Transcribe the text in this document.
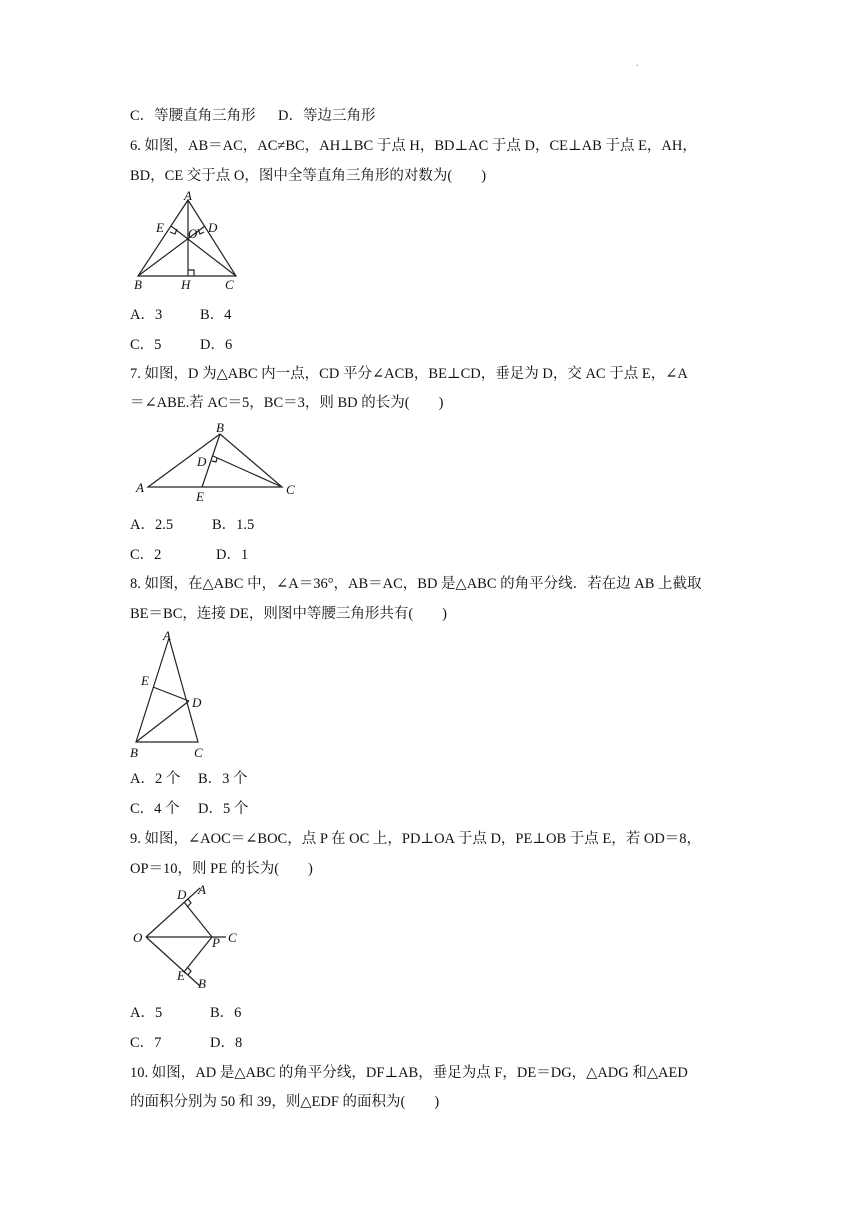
.
C．等腰直角三角形 D．等边三角形
6. 如图，AB＝AC，AC≠BC，AH⊥BC 于点 H，BD⊥AC 于点 D，CE⊥AB 于点 E，AH，
BD，CE 交于点 O，图中全等直角三角形的对数为(　　)
A
E O D
B	H	C
A．3	B．4
C．5	D．6
7. 如图，D 为△ABC 内一点，CD 平分∠ACB，BE⊥CD，垂足为 D，交 AC 于点 E，∠A
＝∠ABE.若 AC＝5，BC＝3，则 BD 的长为(　　)
B
D
A
E	C
A．2.5	B．1.5
C．2	D．1
8. 如图，在△ABC 中，∠A＝36°，AB＝AC，BD 是△ABC 的角平分线．若在边 AB 上截取
BE＝BC，连接 DE，则图中等腰三角形共有(　　)
A
E
D
B	C
A．2 个 B．3 个
C．4 个 D．5 个
9. 如图，∠AOC＝∠BOC，点 P 在 OC 上，PD⊥OA 于点 D，PE⊥OB 于点 E，若 OD＝8，
OP＝10，则 PE 的长为(　　)
D A
O	P C
E
B
A．5	B．6
C．7	D．8
10. 如图，AD 是△ABC 的角平分线，DF⊥AB，垂足为点 F，DE＝DG，△ADG 和△AED
的面积分别为 50 和 39，则△EDF 的面积为(　　)
